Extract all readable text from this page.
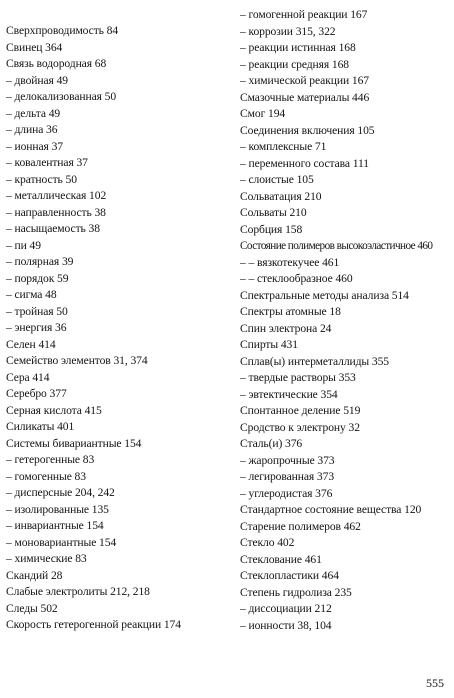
Сверхпроводимость 84
Свинец 364
Связь водородная 68
– двойная 49
– делокализованная 50
– дельта 49
– длина 36
– ионная 37
– ковалентная 37
– кратность 50
– металлическая 102
– направленность 38
– насыщаемость 38
– пи 49
– полярная 39
– порядок 59
– сигма 48
– тройная 50
– энергия 36
Селен 414
Семейство элементов 31, 374
Сера 414
Серебро 377
Серная кислота 415
Силикаты 401
Системы бивариантные 154
– гетерогенные 83
– гомогенные 83
– дисперсные 204, 242
– изолированные 135
– инвариантные 154
– моновариантные 154
– химические 83
Скандий 28
Слабые электролиты 212, 218
Следы 502
Скорость гетерогенной реакции 174
– гомогенной реакции 167
– коррозии 315, 322
– реакции истинная 168
– реакции средняя 168
– химической реакции 167
Смазочные материалы 446
Смог 194
Соединения включения 105
– комплексные 71
– переменного состава 111
– слоистые 105
Сольватация 210
Сольваты 210
Сорбция 158
Состояние полимеров высокоэластичное 460
– – вязкотекучее 461
– – стеклообразное 460
Спектральные методы анализа 514
Спектры атомные 18
Спин электрона 24
Спирты 431
Сплав(ы) интерметаллиды 355
– твердые растворы 353
– эвтектические 354
Спонтанное деление 519
Сродство к электрону 32
Сталь(и) 376
– жаропрочные 373
– легированная 373
– углеродистая 376
Стандартное состояние вещества 120
Старение полимеров 462
Стекло 402
Стеклование 461
Стеклопластики 464
Степень гидролиза 235
– диссоциации 212
– ионности 38, 104
555
